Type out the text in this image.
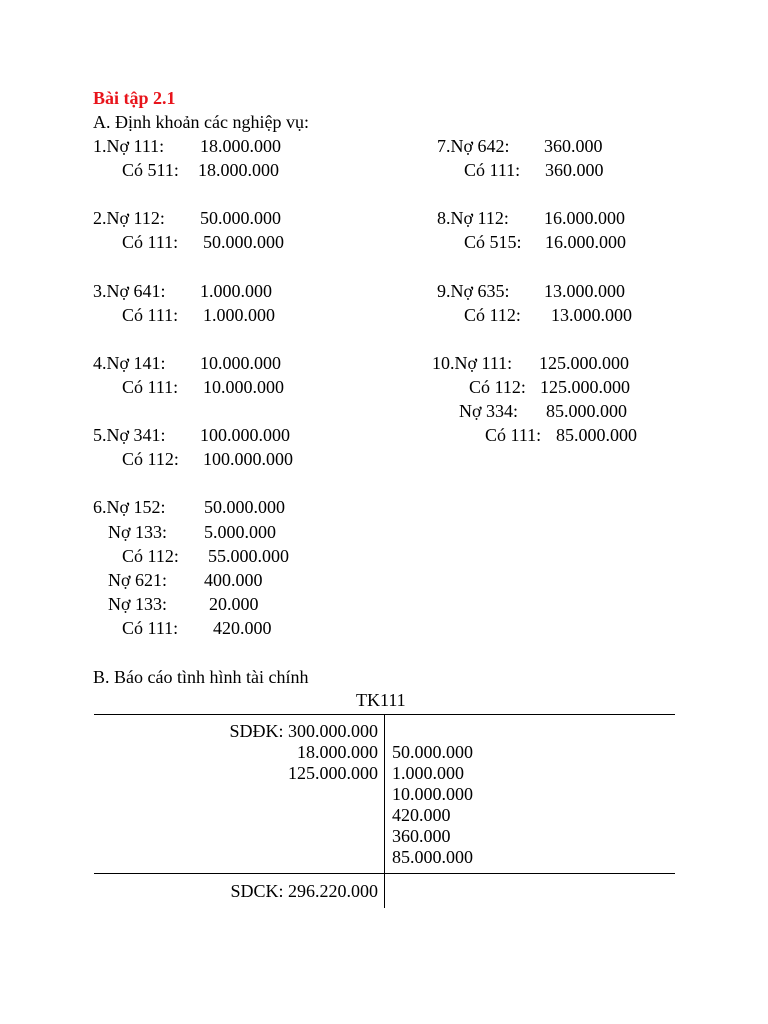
Bài tập 2.1
A. Định khoản các nghiệp vụ:
1.Nợ 111: 18.000.000
Có 511: 18.000.000
2.Nợ 112: 50.000.000
Có 111: 50.000.000
3.Nợ 641: 1.000.000
Có 111: 1.000.000
4.Nợ 141: 10.000.000
Có 111: 10.000.000
5.Nợ 341: 100.000.000
Có 112: 100.000.000
6.Nợ 152: 50.000.000
Nợ 133: 5.000.000
Có 112: 55.000.000
Nợ 621: 400.000
Nợ 133: 20.000
Có 111: 420.000
7.Nợ 642: 360.000
Có 111: 360.000
8.Nợ 112: 16.000.000
Có 515: 16.000.000
9.Nợ 635: 13.000.000
Có 112: 13.000.000
10.Nợ 111: 125.000.000
Có 112: 125.000.000
Nợ 334: 85.000.000
Có 111: 85.000.000
B. Báo cáo tình hình tài chính
TK111
SDĐK: 300.000.000
18.000.000
125.000.000
50.000.000
1.000.000
10.000.000
420.000
360.000
85.000.000
SDCK: 296.220.000
